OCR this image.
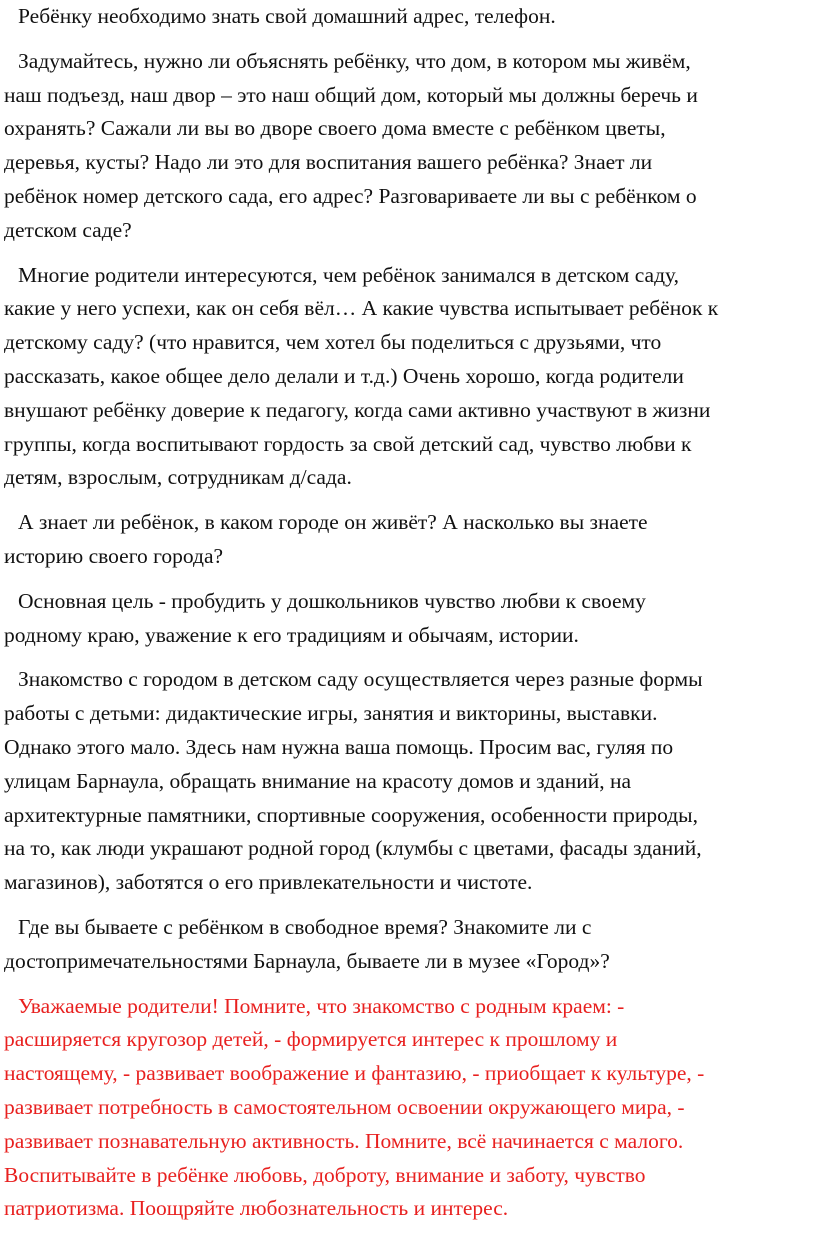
Ребёнку необходимо знать свой домашний адрес, телефон.

Задумайтесь, нужно ли объяснять ребёнку, что дом, в котором мы живём,
наш подъезд, наш двор – это наш общий дом, который мы должны беречь и
охранять? Сажали ли вы во дворе своего дома вместе с ребёнком цветы,
деревья, кусты? Надо ли это для воспитания вашего ребёнка? Знает ли
ребёнок номер детского сада, его адрес? Разговариваете ли вы с ребёнком о
детском саде?

Многие родители интересуются, чем ребёнок занимался в детском саду,
какие у него успехи, как он себя вёл… А какие чувства испытывает ребёнок к
детскому саду? (что нравится, чем хотел бы поделиться с друзьями, что
рассказать, какое общее дело делали и т.д.) Очень хорошо, когда родители
внушают ребёнку доверие к педагогу, когда сами активно участвуют в жизни
группы, когда воспитывают гордость за свой детский сад, чувство любви к
детям, взрослым, сотрудникам д/сада.

А знает ли ребёнок, в каком городе он живёт? А насколько вы знаете
историю своего города?

Основная цель - пробудить у дошкольников чувство любви к своему
родному краю, уважение к его традициям и обычаям, истории.

Знакомство с городом в детском саду осуществляется через разные формы
работы с детьми: дидактические игры, занятия и викторины, выставки.
Однако этого мало. Здесь нам нужна ваша помощь. Просим вас, гуляя по
улицам Барнаула, обращать внимание на красоту домов и зданий, на
архитектурные памятники, спортивные сооружения, особенности природы,
на то, как люди украшают родной город (клумбы с цветами, фасады зданий,
магазинов), заботятся о его привлекательности и чистоте.

Где вы бываете с ребёнком в свободное время? Знакомите ли с
достопримечательностями Барнаула, бываете ли в музее «Город»?

Уважаемые родители! Помните, что знакомство с родным краем: -
расширяется кругозор детей, - формируется интерес к прошлому и
настоящему, - развивает воображение и фантазию, - приобщает к культуре, -
развивает потребность в самостоятельном освоении окружающего мира, -
развивает познавательную активность. Помните, всё начинается с малого.
Воспитывайте в ребёнке любовь, доброту, внимание и заботу, чувство
патриотизма. Поощряйте любознательность и интерес.
